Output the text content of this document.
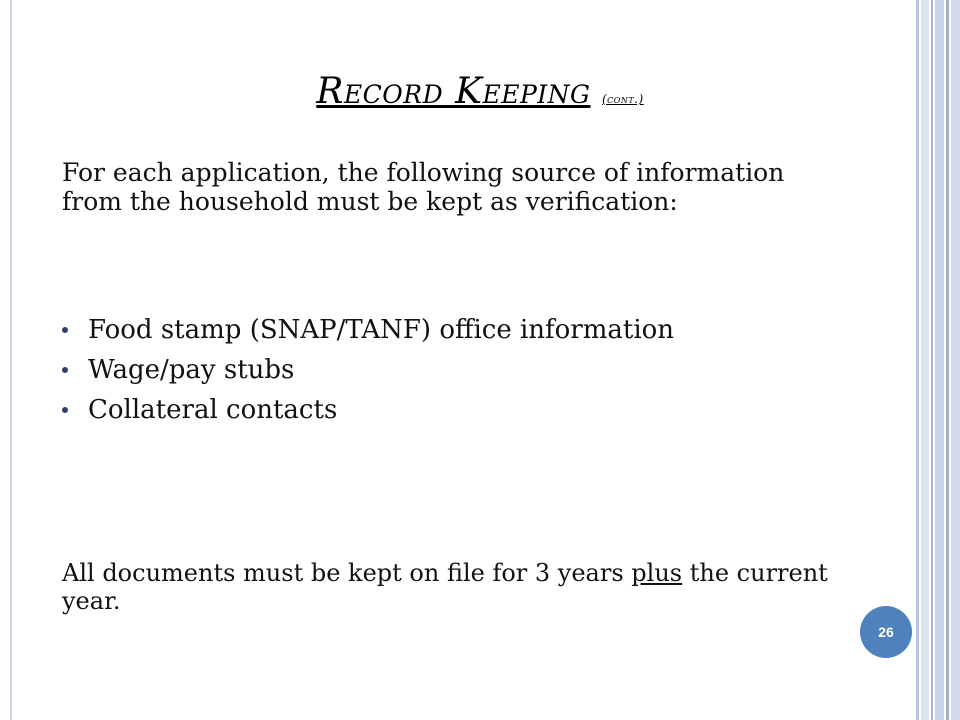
Record Keeping (cont.)

For each application, the following source of information from the household must be kept as verification:

Food stamp (SNAP/TANF) office information
Wage/pay stubs
Collateral contacts

All documents must be kept on file for 3 years plus the current year.

26
